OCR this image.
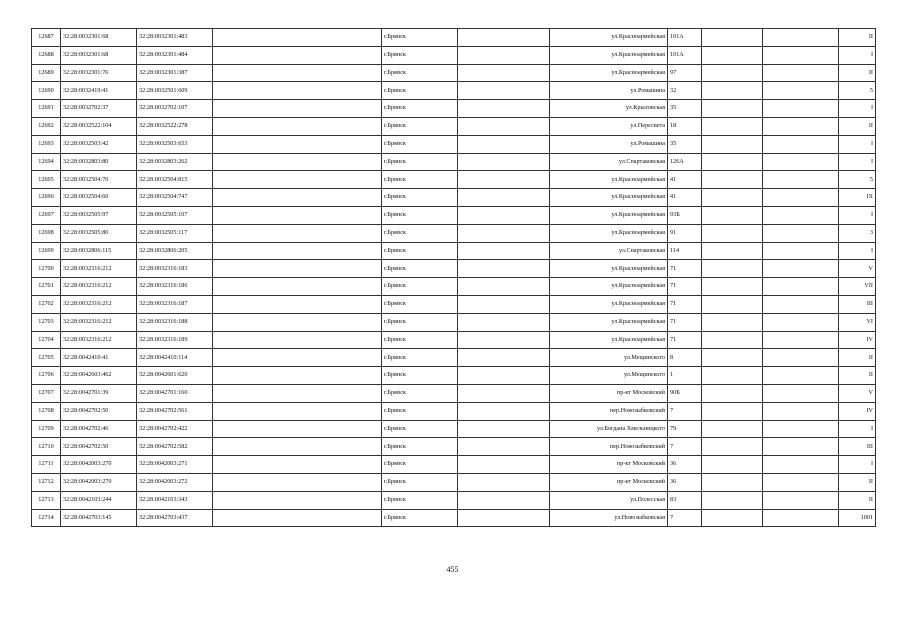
12687	32:28:0032301:68	32:28:0032301:483		г.Брянск		ул.Красноармейская	101А			II
12688	32:28:0032301:68	32:28:0032301:484		г.Брянск		ул.Красноармейская	101А			I
12689	32:28:0032301:76	32:28:0032301:387		г.Брянск		ул.Красноармейская	97			II
12690	32:28:0032419:41	32:28:0032501:609		г.Брянск		ул.Ромашина	32			5
12691	32:28:0032702:37	32:28:0032702:107		г.Брянск		ул.Крыловская	35			I
12692	32:28:0032522:104	32:28:0032522:278		г.Брянск		ул.Пересвета	18			II
12693	32:28:0032503:42	32:28:0032503:653		г.Брянск		ул.Ромашина	35			I
12694	32:28:0032803:80	32:28:0032803:262		г.Брянск		ул.Спартаковская	126А			I
12695	32:28:0032504:70	32:28:0032504:815		г.Брянск		ул.Красноармейская	41			5
12696	32:28:0032504:60	32:28:0032504:747		г.Брянск		ул.Красноармейская	41			IX
12697	32:28:0032505:97	32:28:0032505:107		г.Брянск		ул.Красноармейская	93Б			I
12698	32:28:0032505:80	32:28:0032505:117		г.Брянск		ул.Красноармейская	91			3
12699	32:28:0032806:115	32:28:0032806:205		г.Брянск		ул.Спартаковская	114			I
12700	32:28:0032316:212	32:28:0032316:183		г.Брянск		ул.Красноармейская	71			V
12701	32:28:0032316:212	32:28:0032316:186		г.Брянск		ул.Красноармейская	71			VII
12702	32:28:0032316:212	32:28:0032316:187		г.Брянск		ул.Красноармейская	71			III
12703	32:28:0032316:212	32:28:0032316:188		г.Брянск		ул.Красноармейская	71			VI
12704	32:28:0032316:212	32:28:0032316:189		г.Брянск		ул.Красноармейская	71			IV
12705	32:28:0042410:41	32:28:0042410:114		г.Брянск		ул.Мещинского	8			II
12706	32:28:0042603:462	32:28:0042601:620		г.Брянск		ул.Мещинского	1			II
12707	32:28:0042701:39	32:28:0042701:160		г.Брянск		пр-кт Московский	90Б			V
12708	32:28:0042702:50	32:28:0042702:561		г.Брянск		пер.Новозыбковский	7			IV
12709	32:28:0042702:46	32:28:0042702:422		г.Брянск		ул.Богдана Хмельницкого	79			I
12710	32:28:0042702:50	32:28:0042702:582		г.Брянск		пер.Новозыбковский	7			III
12711	32:28:0042003:270	32:28:0042003:271		г.Брянск		пр-кт Московский	36			I
12712	32:28:0042003:270	32:28:0042003:272		г.Брянск		пр-кт Московский	36			II
12713	32:28:0042103:244	32:28:0042103:343		г.Брянск		ул.Полесская	83			II
12714	32:28:0042703:145	32:28:0042703:437		г.Брянск		ул.Новозыбковская	7			1001
455
